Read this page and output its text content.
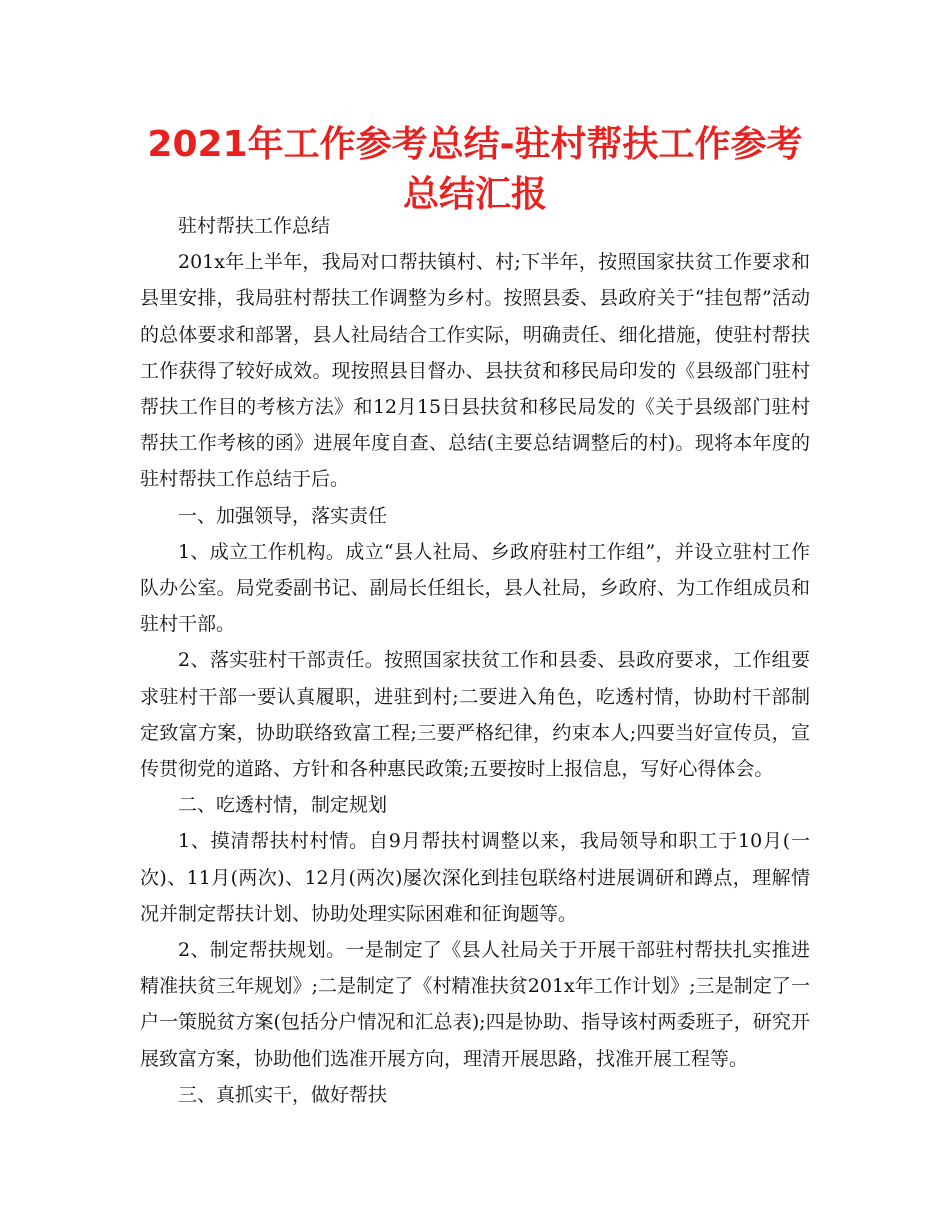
2021年工作参考总结-驻村帮扶工作参考总结汇报

驻村帮扶工作总结

201x年上半年，我局对口帮扶镇村、村;下半年，按照国家扶贫工作要求和县里安排，我局驻村帮扶工作调整为乡村。按照县委、县政府关于“挂包帮”活动的总体要求和部署，县人社局结合工作实际，明确责任、细化措施，使驻村帮扶工作获得了较好成效。现按照县目督办、县扶贫和移民局印发的《县级部门驻村帮扶工作目的考核方法》和12月15日县扶贫和移民局发的《关于县级部门驻村帮扶工作考核的函》进展年度自查、总结(主要总结调整后的村)。现将本年度的驻村帮扶工作总结于后。

一、加强领导，落实责任

1、成立工作机构。成立“县人社局、乡政府驻村工作组”，并设立驻村工作队办公室。局党委副书记、副局长任组长，县人社局，乡政府、为工作组成员和驻村干部。

2、落实驻村干部责任。按照国家扶贫工作和县委、县政府要求，工作组要求驻村干部一要认真履职，进驻到村;二要进入角色，吃透村情，协助村干部制定致富方案，协助联络致富工程;三要严格纪律，约束本人;四要当好宣传员，宣传贯彻党的道路、方针和各种惠民政策;五要按时上报信息，写好心得体会。

二、吃透村情，制定规划

1、摸清帮扶村村情。自9月帮扶村调整以来，我局领导和职工于10月(一次)、11月(两次)、12月(两次)屡次深化到挂包联络村进展调研和蹲点，理解情况并制定帮扶计划、协助处理实际困难和征询题等。

2、制定帮扶规划。一是制定了《县人社局关于开展干部驻村帮扶扎实推进精准扶贫三年规划》;二是制定了《村精准扶贫201x年工作计划》;三是制定了一户一策脱贫方案(包括分户情况和汇总表);四是协助、指导该村两委班子，研究开展致富方案，协助他们选准开展方向，理清开展思路，找准开展工程等。

三、真抓实干，做好帮扶
